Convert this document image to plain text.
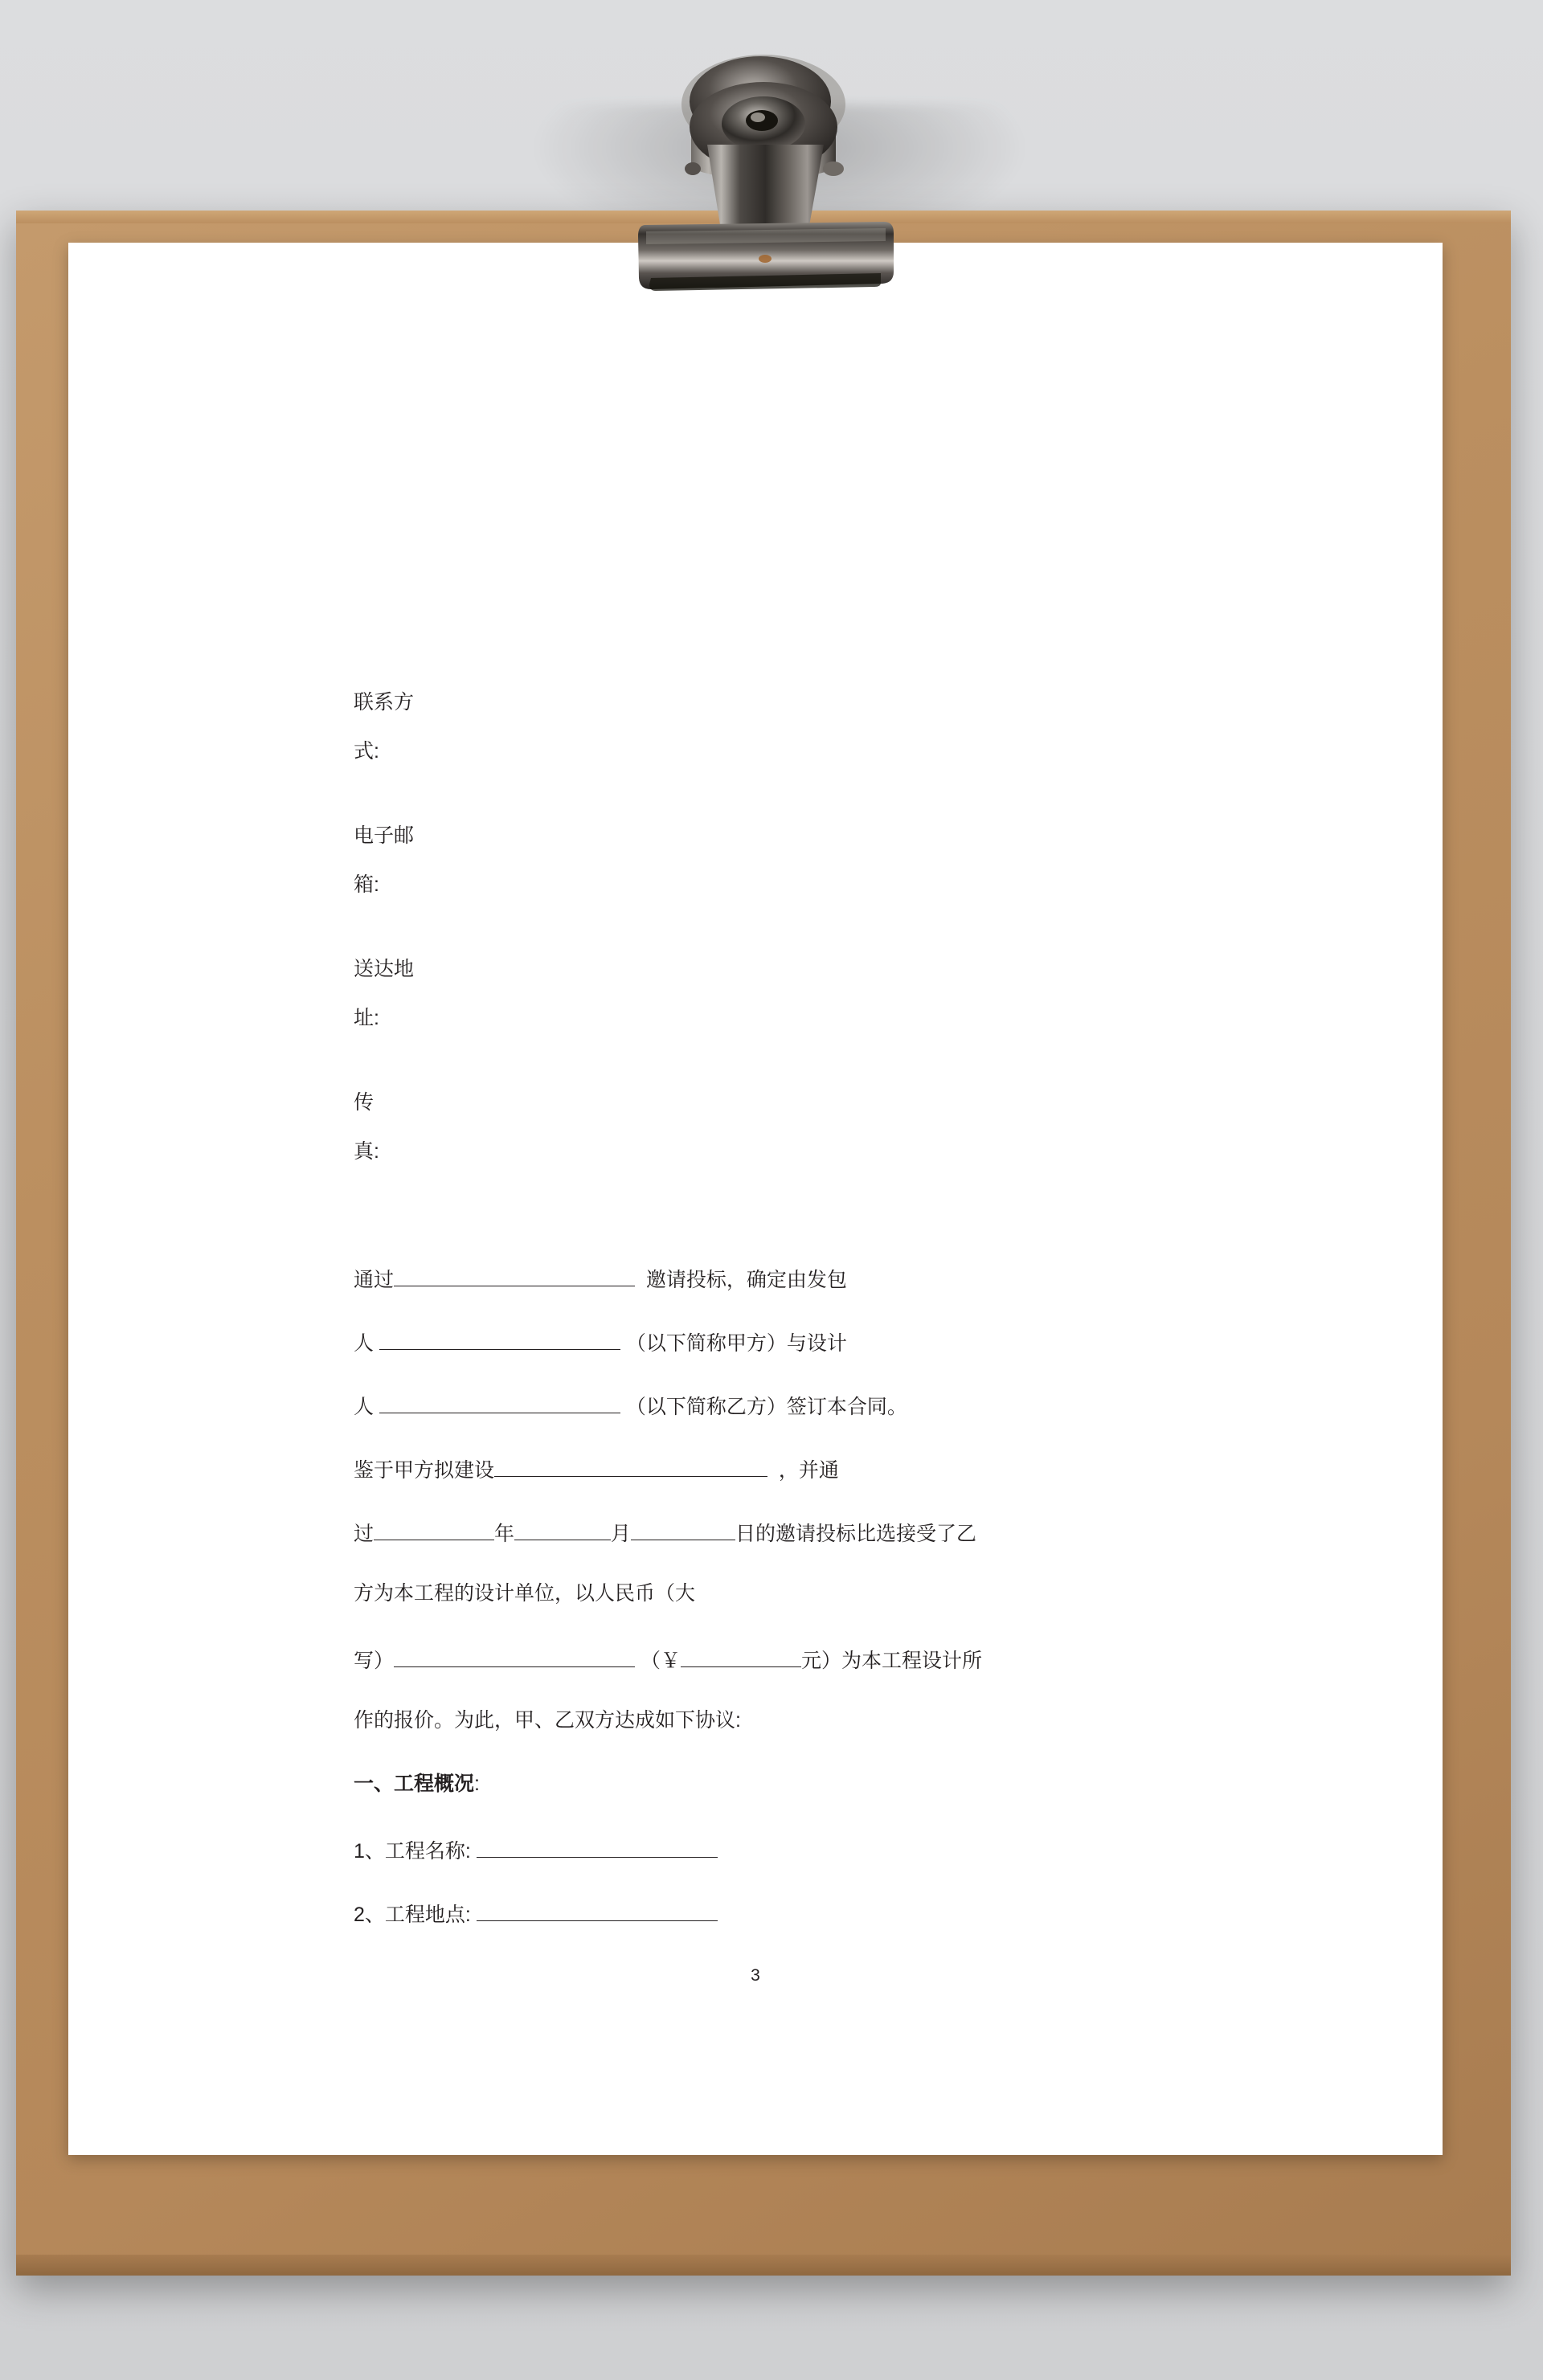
联系方
式:
电子邮
箱:
送达地
址:
传
真:
通过	邀请投标，确定由发包
人	（以下简称甲方）与设计
人	（以下简称乙方）签订本合同。
鉴于甲方拟建设	，并通
过	年	月	日的邀请投标比选接受了乙
方为本工程的设计单位，以人民币（大
写）	（￥	元）为本工程设计所
作的报价。为此，甲、乙双方达成如下协议:
一、工程概况:
1、工程名称:
2、工程地点:
3
